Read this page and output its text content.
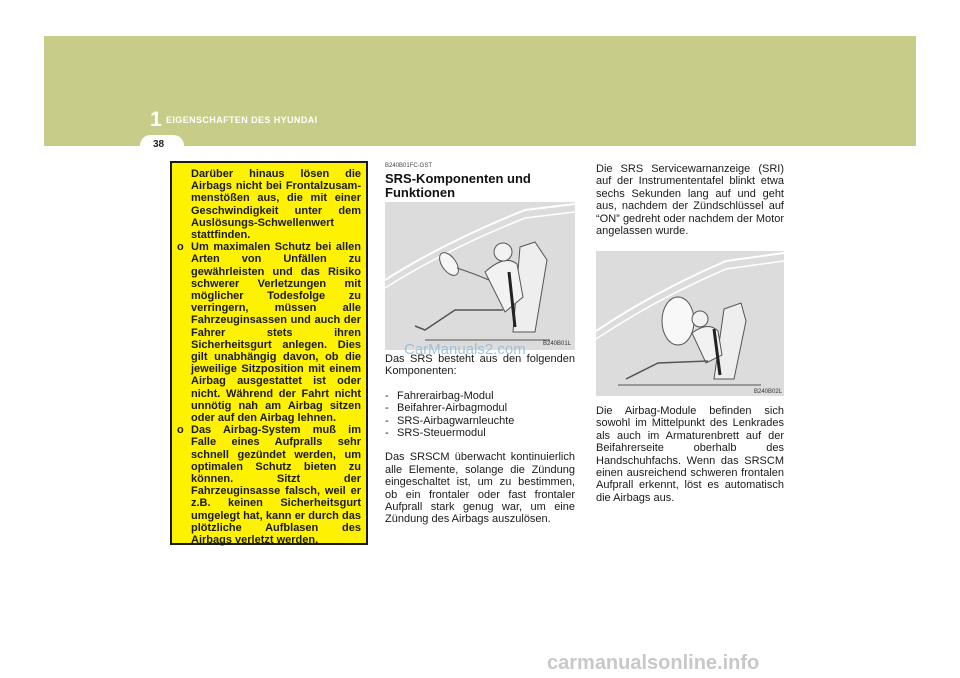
1 EIGENSCHAFTEN DES HYUNDAI
38
Darüber hinaus lösen die Airbags nicht bei Frontalzusam-menstößen aus, die mit einer Geschwindigkeit unter dem Auslösungs-Schwellenwert stattfinden.
o Um maximalen Schutz bei allen Arten von Unfällen zu gewährleisten und das Risiko schwerer Verletzungen mit möglicher Todesfolge zu verringern, müssen alle Fahrzeuginsassen und auch der Fahrer stets ihren Sicherheitsgurt anlegen. Dies gilt unabhängig davon, ob die jeweilige Sitzposition mit einem Airbag ausgestattet ist oder nicht. Während der Fahrt nicht unnötig nah am Airbag sitzen oder auf den Airbag lehnen.
o Das Airbag-System muß im Falle eines Aufpralls sehr schnell gezündet werden, um optimalen Schutz bieten zu können. Sitzt der Fahrzeuginsasse falsch, weil er z.B. keinen Sicherheitsgurt umgelegt hat, kann er durch das plötzliche Aufblasen des Airbags verletzt werden.
B240B01FC-GST
SRS-Komponenten und Funktionen
B240B01L

Das SRS besteht aus den folgenden Komponenten:

- Fahrerairbag-Modul
- Beifahrer-Airbagmodul
- SRS-Airbagwarnleuchte
- SRS-Steuermodul

Das SRSCM überwacht kontinuierlich alle Elemente, solange die Zündung eingeschaltet ist, um zu bestimmen, ob ein frontaler oder fast frontaler Aufprall stark genug war, um eine Zündung des Airbags auszulösen.

Die SRS Servicewarnanzeige (SRI) auf der Instrumententafel blinkt etwa sechs Sekunden lang auf und geht aus, nachdem der Zündschlüssel auf “ON” gedreht oder nachdem der Motor angelassen wurde.
B240B02L
Die Airbag-Module befinden sich sowohl im Mittelpunkt des Lenkrades als auch im Armaturenbrett auf der Beifahrerseite oberhalb des Handschuhfachs. Wenn das SRSCM einen ausreichend schweren frontalen Aufprall erkennt, löst es automatisch die Airbags aus.
CarManuals2.com
carmanualsonline.info
